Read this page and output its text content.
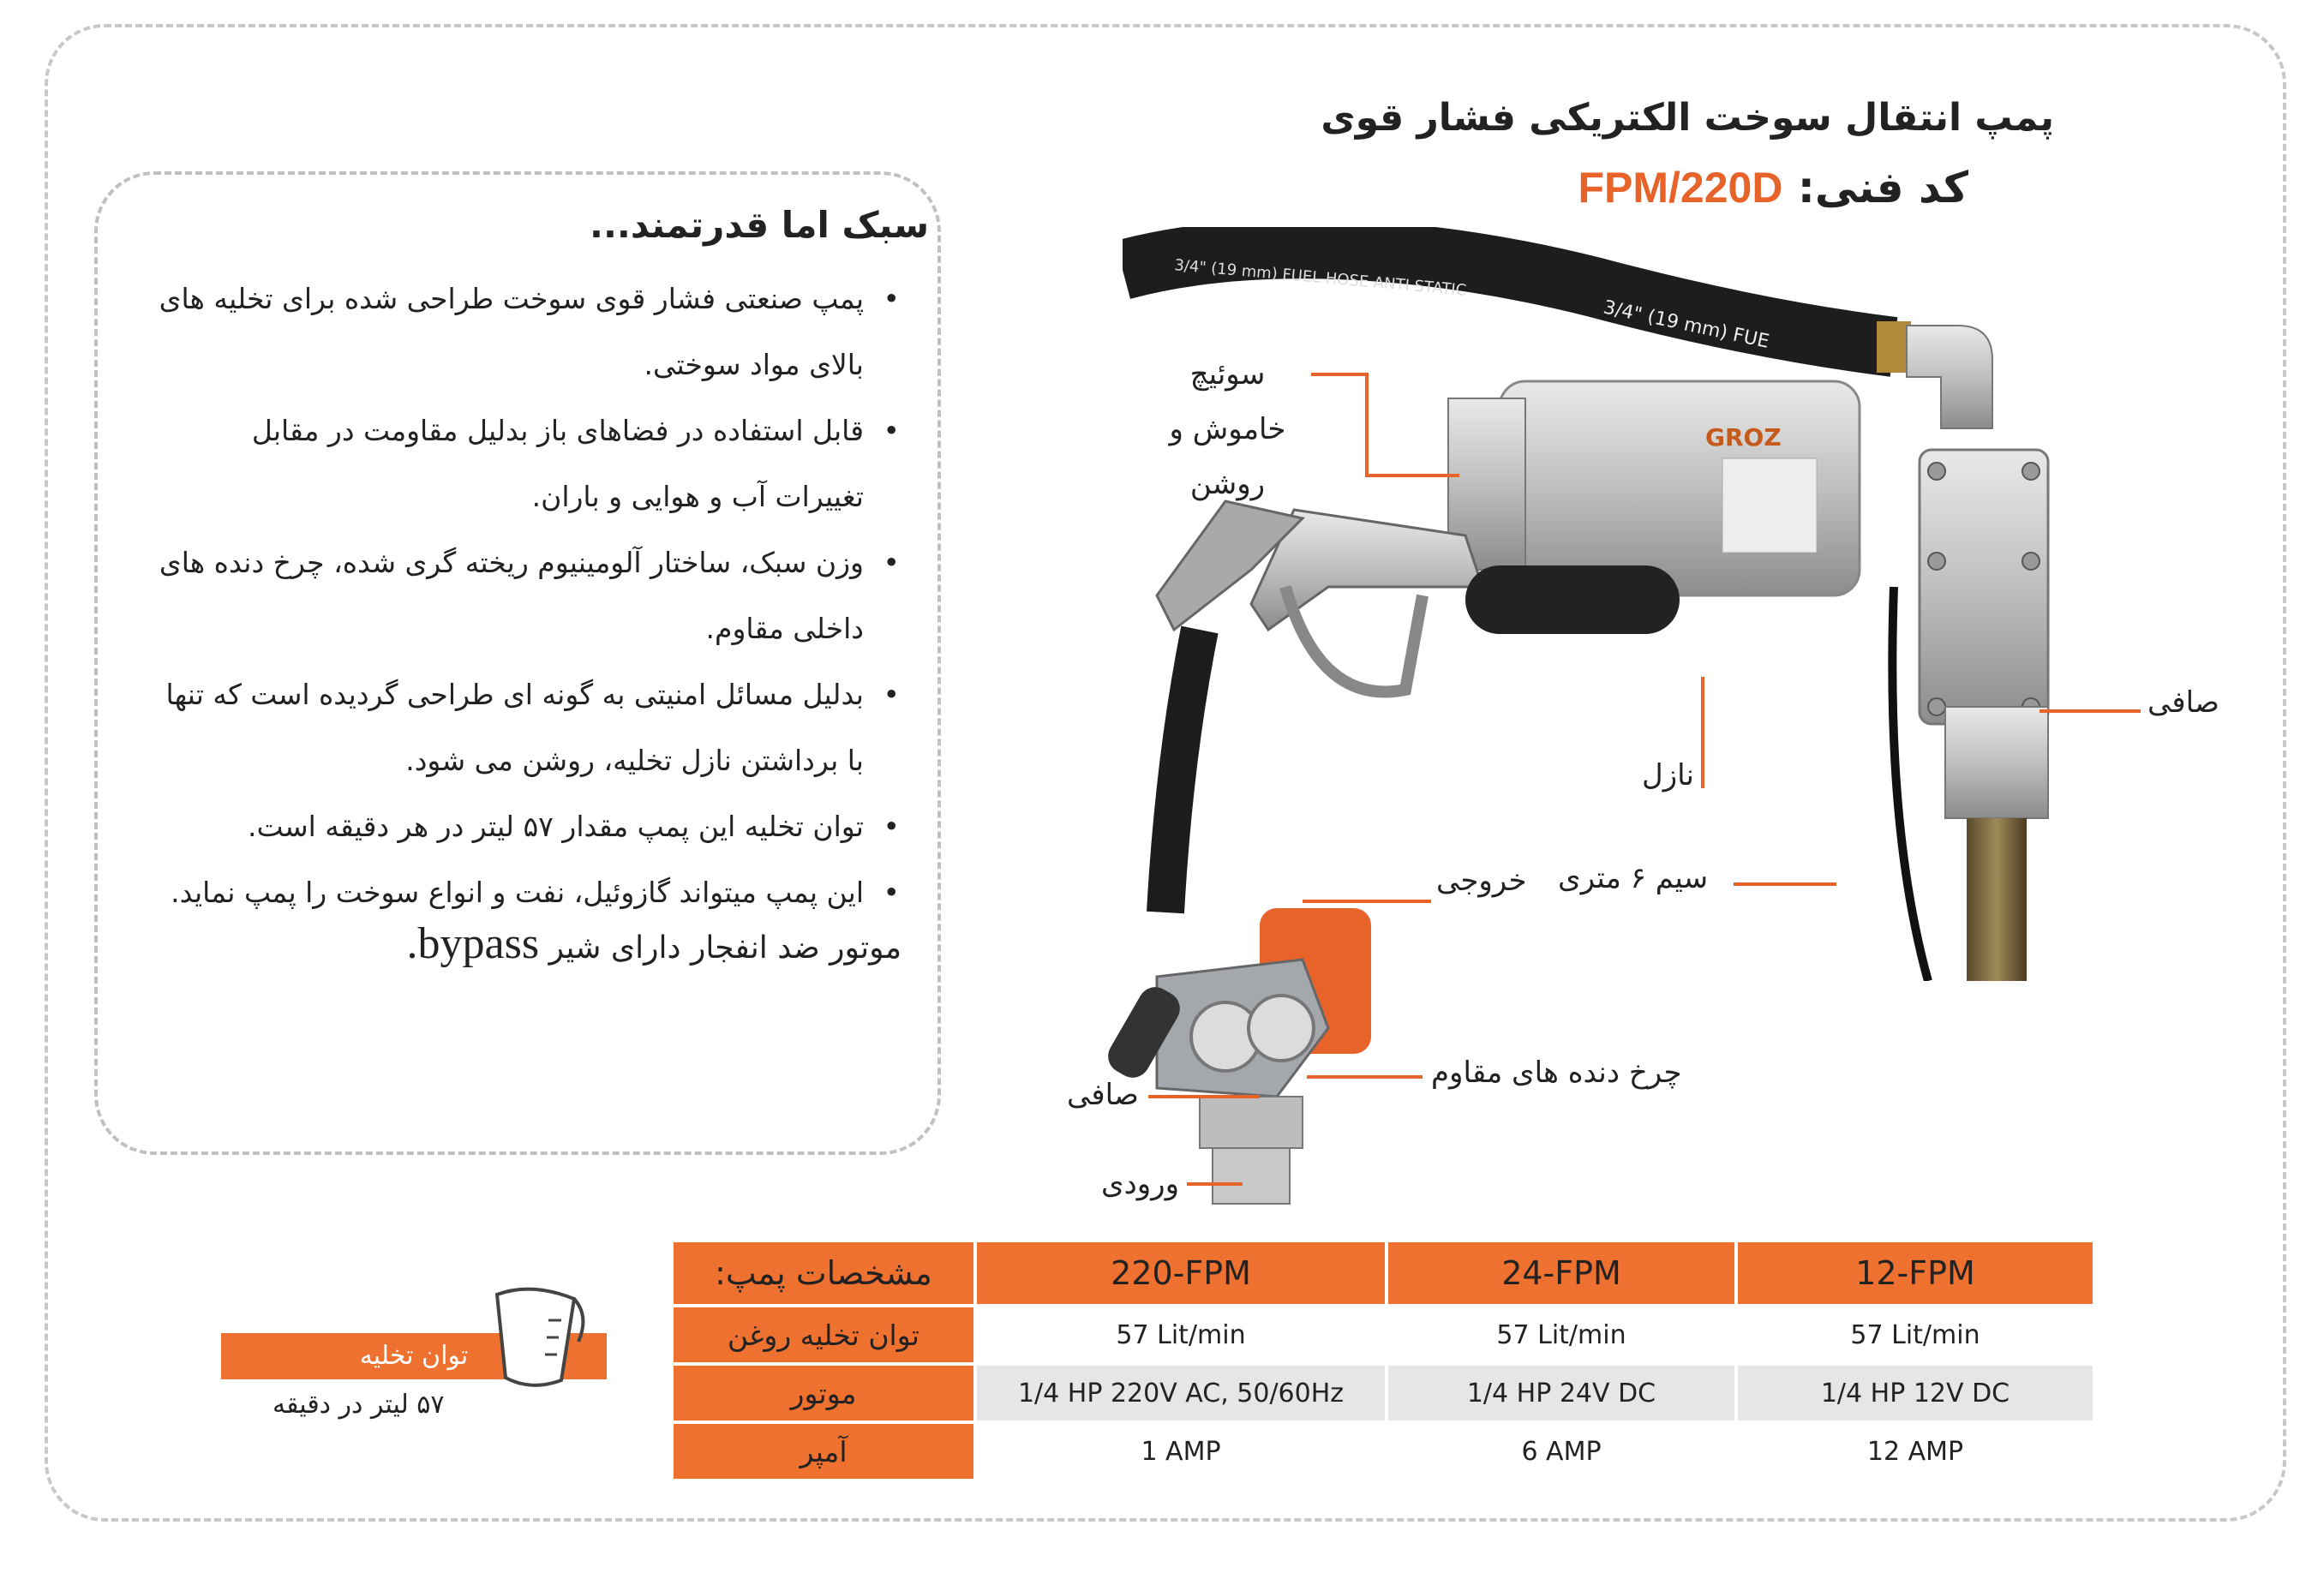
پمپ انتقال سوخت الکتریکی فشار قوی
کد فنی: FPM/220D
سبک اما قدرتمند...
• پمپ صنعتی فشار قوی سوخت طراحی شده برای تخلیه های بالای مواد سوختی.
• قابل استفاده در فضاهای باز بدلیل مقاومت در مقابل تغییرات آب و هوایی و باران.
• وزن سبک، ساختار آلومینیوم ریخته گری شده، چرخ دنده های داخلی مقاوم.
• بدلیل مسائل امنیتی به گونه ای طراحی گردیده است که تنها با برداشتن نازل تخلیه، روشن می شود.
• توان تخلیه این پمپ مقدار ۵۷ لیتر در هر دقیقه است.
• این پمپ میتواند گازوئیل، نفت و انواع سوخت را پمپ نماید.
موتور ضد انفجار دارای شیر bypass.
3/4" (19 mm) FUEL HOSE ANTI STATIC
3/4" (19 mm) FUE
GROZ
سوئیچ خاموش و روشن
نازل
صافی
سیم ۶ متری
خروجی
چرخ دنده های مقاوم
صافی
ورودی
مشخصات پمپ:	220-FPM	24-FPM	12-FPM
توان تخلیه روغن	57 Lit/min	57 Lit/min	57 Lit/min
موتور	1/4 HP 220V AC, 50/60Hz	1/4 HP 24V DC	1/4 HP 12V DC
آمپر	1 AMP	6 AMP	12 AMP
توان تخلیه
۵۷ لیتر در دقیقه
